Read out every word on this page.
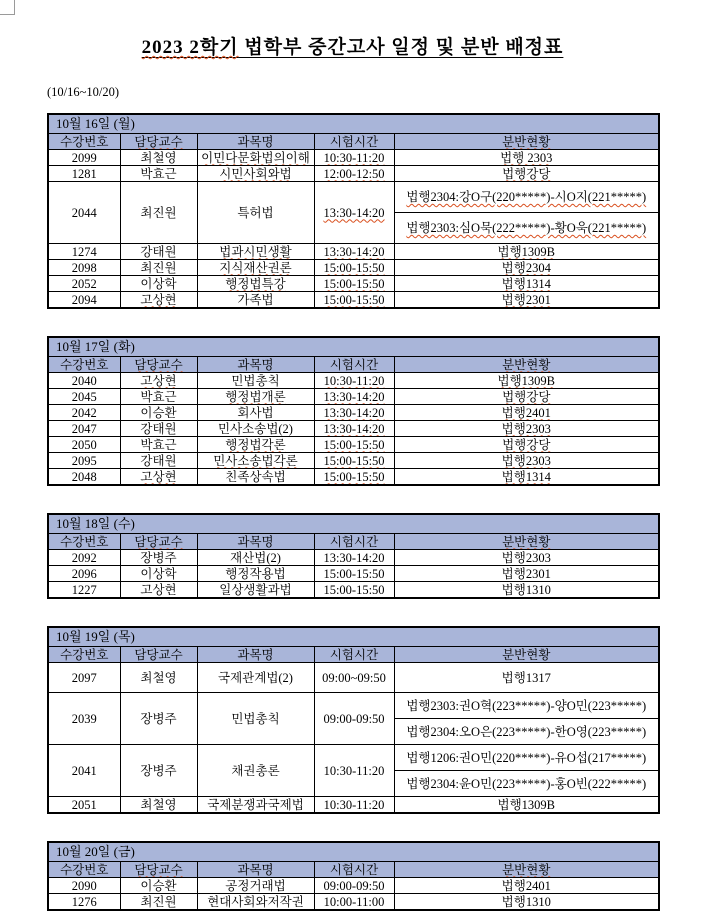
2023 2학기 법학부 중간고사 일정 및 분반 배정표
(10/16~10/20)
10월 16일 (월)				
수강번호	담당교수	과목명	시험시간	분반현황
2099	최철영	이민다문화법의이해	10:30-11:20	법행 2303
1281	박효근	시민사회와법	12:00-12:50	법행강당
2044	최진원	특허법	13:30-14:20	법행2304:강O구(220*****)-시O지(221*****)
				법행2303:심O묵(222*****)-황O욱(221*****)
1274	강태원	법과시민생활	13:30-14:20	법행1309B
2098	최진원	지식재산권론	15:00-15:50	법행2304
2052	이상학	행정법특강	15:00-15:50	법행1314
2094	고상현	가족법	15:00-15:50	법행2301
10월 17일 (화)				
수강번호	담당교수	과목명	시험시간	분반현황
2040	고상현	민법총칙	10:30-11:20	법행1309B
2045	박효근	행정법개론	13:30-14:20	법행강당
2042	이승환	회사법	13:30-14:20	법행2401
2047	강태원	민사소송법(2)	13:30-14:20	법행2303
2050	박효근	행정법각론	15:00-15:50	법행강당
2095	강태원	민사소송법각론	15:00-15:50	법행2303
2048	고상현	친족상속법	15:00-15:50	법행1314
10월 18일 (수)				
수강번호	담당교수	과목명	시험시간	분반현황
2092	장병주	재산법(2)	13:30-14:20	법행2303
2096	이상학	행정작용법	15:00-15:50	법행2301
1227	고상현	일상생활과법	15:00-15:50	법행1310
10월 19일 (목)				
수강번호	담당교수	과목명	시험시간	분반현황
2097	최철영	국제관계법(2)	09:00~09:50	법행1317
2039	장병주	민법총칙	09:00-09:50	법행2303:권O혁(223*****)-양O민(223*****)
				법행2304:오O은(223*****)-한O영(223*****)
2041	장병주	채권총론	10:30-11:20	법행1206:권O민(220*****)-유O섭(217*****)
				법행2304:윤O민(223*****)-홍O빈(222*****)
2051	최철영	국제분쟁과국제법	10:30-11:20	법행1309B
10월 20일 (금)				
수강번호	담당교수	과목명	시험시간	분반현황
2090	이승환	공정거래법	09:00-09:50	법행2401
1276	최진원	현대사회와저작권	10:00-11:00	법행1310
